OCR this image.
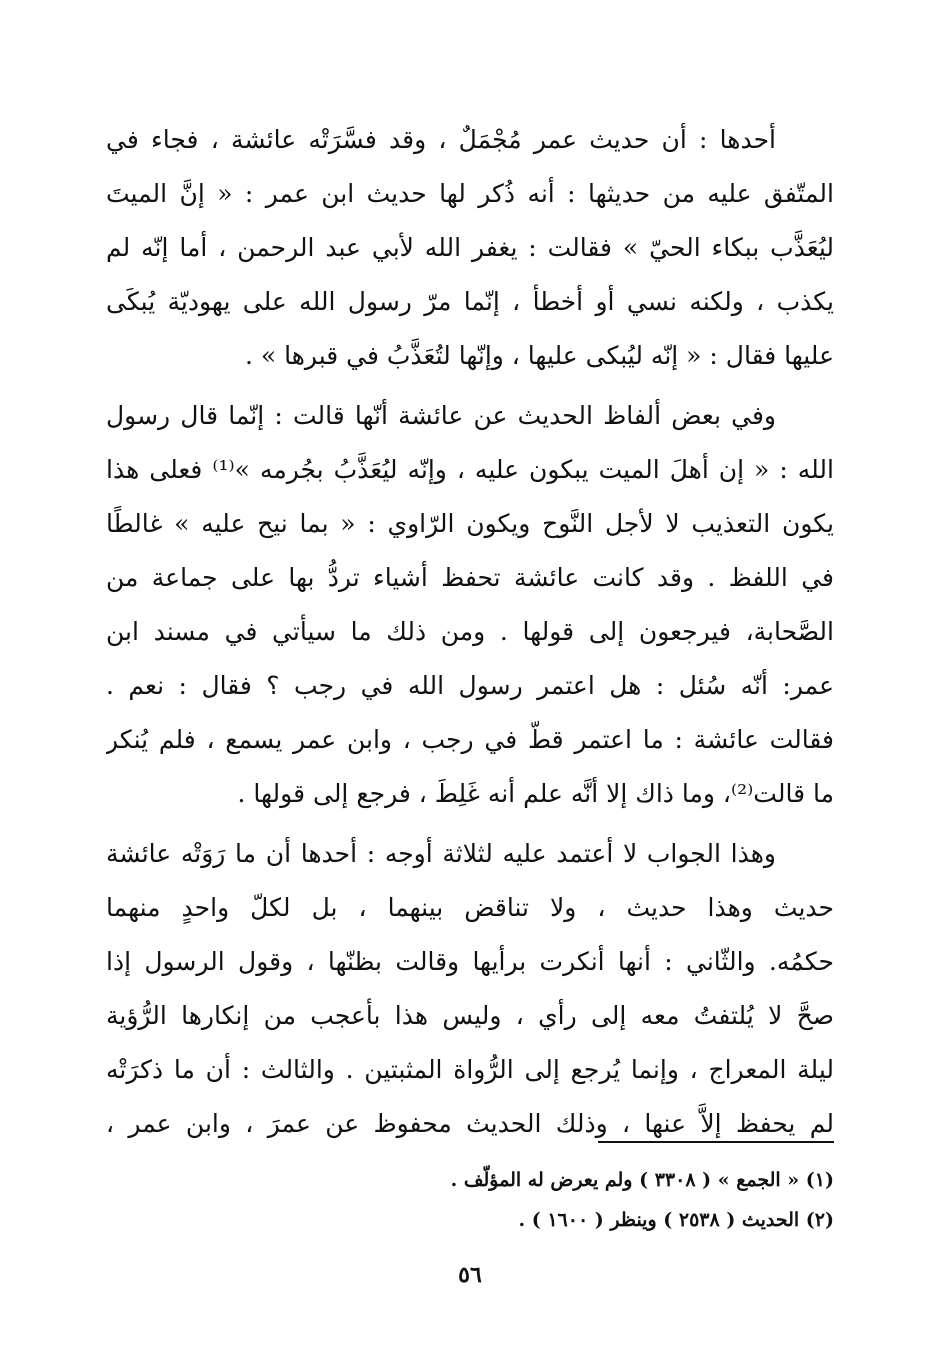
أحدها : أن حديث عمر مُجْمَلٌ ، وقد فسَّرَتْه عائشة ، فجاء في
المتّفق عليه من حديثها : أنه ذُكر لها حديث ابن عمر : « إنَّ الميتَ
ليُعَذَّب ببكاء الحيّ » فقالت : يغفر الله لأبي عبد الرحمن ، أما إنّه لم
يكذب ، ولكنه نسي أو أخطأ ، إنّما مرّ رسول الله على يهوديّة يُبكَى
عليها فقال : « إنّه ليُبكى عليها ، وإنّها لتُعَذَّبُ في قبرها » .
وفي بعض ألفاظ الحديث عن عائشة أنّها قالت : إنّما قال رسول
الله : « إن أهلَ الميت يبكون عليه ، وإنّه ليُعَذَّبُ بجُرمه »⁽¹⁾ فعلى هذا
يكون التعذيب لا لأجل النَّوح ويكون الرّاوي : « بما نيح عليه » غالطًا
في اللفظ . وقد كانت عائشة تحفظ أشياء تردُّ بها على جماعة من
الصَّحابة، فيرجعون إلى قولها . ومن ذلك ما سيأتي في مسند ابن
عمر: أنّه سُئل : هل اعتمر رسول الله في رجب ؟ فقال : نعم .
فقالت عائشة : ما اعتمر قطّ في رجب ، وابن عمر يسمع ، فلم يُنكر
ما قالت⁽²⁾، وما ذاك إلا أنَّه علم أنه غَلِطَ ، فرجع إلى قولها .
وهذا الجواب لا أعتمد عليه لثلاثة أوجه : أحدها أن ما رَوَتْه عائشة
حديث وهذا حديث ، ولا تناقض بينهما ، بل لكلّ واحدٍ منهما
حكمُه. والثّاني : أنها أنكرت برأيها وقالت بظنّها ، وقول الرسول إذا
صحَّ لا يُلتفتُ معه إلى رأي ، وليس هذا بأعجب من إنكارها الرُّؤية
ليلة المعراج ، وإنما يُرجع إلى الرُّواة المثبتين . والثالث : أن ما ذكرَتْه
لم يحفظ إلاَّ عنها ، وذلك الحديث محفوظ عن عمرَ ، وابن عمر ،
(١) « الجمع » ( ٣٣٠٨ ) ولم يعرض له المؤلّف .
(٢) الحديث ( ٢٥٣٨ ) وينظر ( ١٦٠٠ ) .
٥٦
